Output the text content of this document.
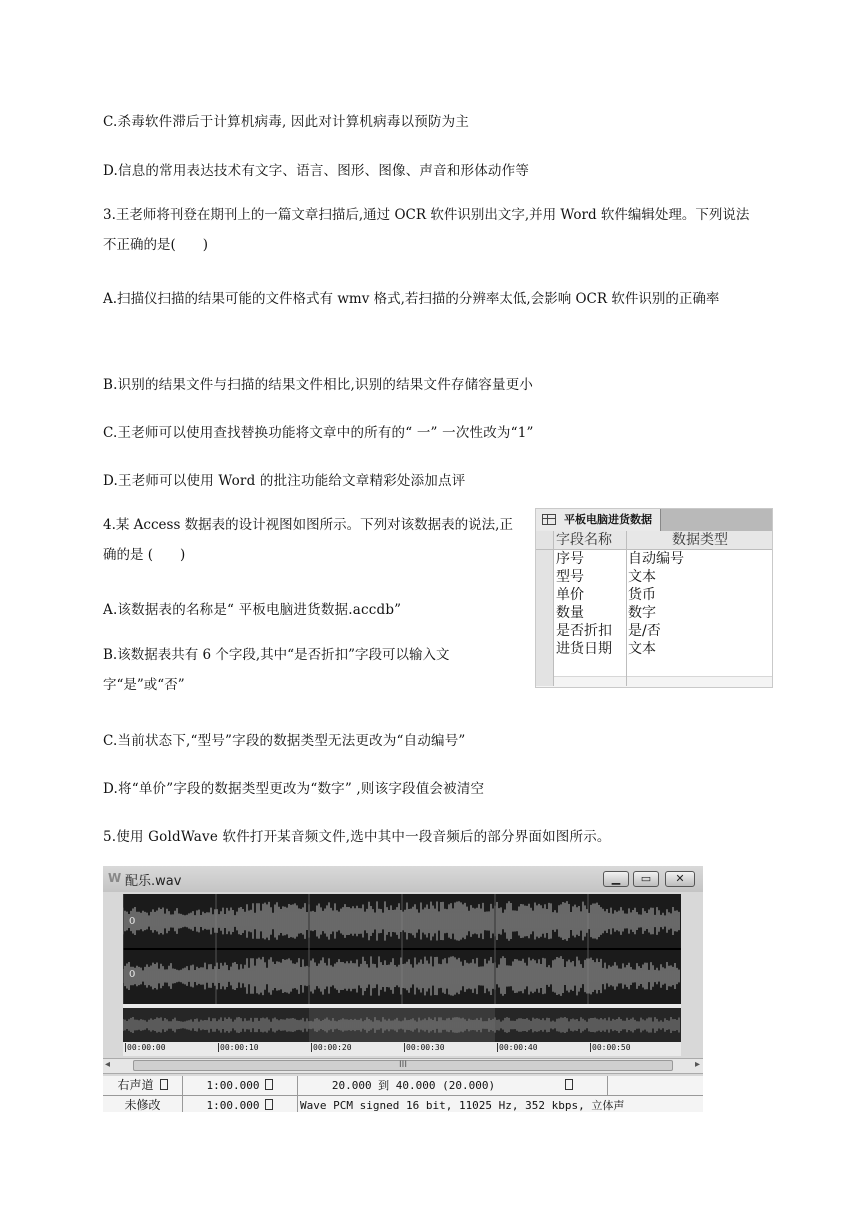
C.杀毒软件滞后于计算机病毒, 因此对计算机病毒以预防为主
D.信息的常用表达技术有文字、语言、图形、图像、声音和形体动作等
3.王老师将刊登在期刊上的一篇文章扫描后,通过 OCR 软件识别出文字,并用 Word 软件编辑处理。下列说法不正确的是(　　)
A.扫描仪扫描的结果可能的文件格式有 wmv 格式,若扫描的分辨率太低,会影响 OCR 软件识别的正确率
B.识别的结果文件与扫描的结果文件相比,识别的结果文件存储容量更小
C.王老师可以使用查找替换功能将文章中的所有的“ 一” 一次性改为“1”
D.王老师可以使用 Word 的批注功能给文章精彩处添加点评
4.某 Access 数据表的设计视图如图所示。下列对该数据表的说法,正确的是 (　　)
A.该数据表的名称是“ 平板电脑进货数据.accdb”
B.该数据表共有 6 个字段,其中“是否折扣”字段可以输入文字“是”或“否”
C.当前状态下,“型号”字段的数据类型无法更改为“自动编号”
D.将“单价”字段的数据类型更改为“数字” ,则该字段值会被清空
5.使用 GoldWave 软件打开某音频文件,选中其中一段音频后的部分界面如图所示。
平板电脑进货数据
字段名称	数据类型
序号	自动编号
型号	文本
单价	货币
数量	数字
是否折扣	是/否
进货日期	文本
W 配乐.wav	▁	▭	✕
0
0
00:00:00	00:00:10	00:00:20	00:00:30	00:00:40	00:00:50
◂	III	▸
右声道	1:00.000	20.000 到 40.000 (20.000)
未修改	1:00.000	Wave PCM signed 16 bit, 11025 Hz, 352 kbps, 立体声
